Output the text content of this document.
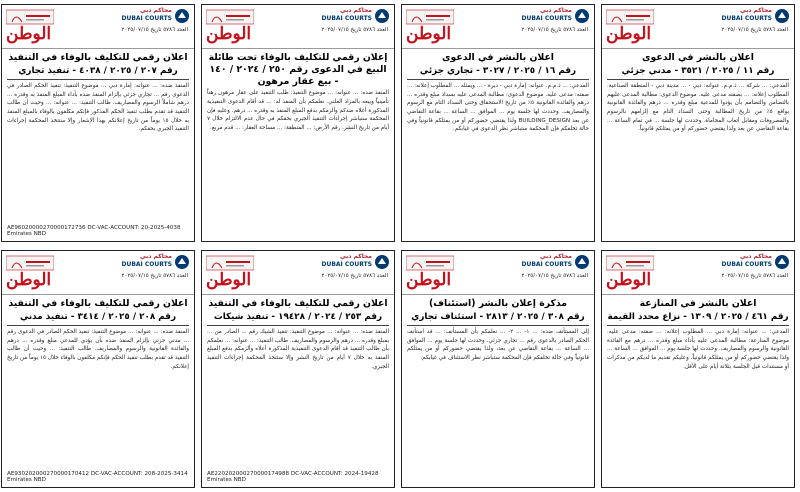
محاكم دبي
DUBAI COURTS
الوطن	العدد ٥٧٨٦ تاريخ ٢٠٢٥/٠٧/١٥
اعلان بالنشر في الدعوى
رقم ١١ / ٢٠٢٥ / ٣٥٢١ - مدني جزئي
المدعي: ... شركة ... ذ.م.م. عنوانه: دبي - ... مدينة دبي - المنطقة الصناعية. المطلوب إعلانه: ... بصفته مدعى عليه. موضوع الدعوى: مطالبة المدعى عليهم بالتضامن والتضامم بأن يؤدوا للمدعية مبلغ وقدره ... درهم والفائدة القانونية بواقع ٥٪ من تاريخ المطالبة وحتى السداد التام مع إلزامهم بالرسوم والمصروفات ومقابل أتعاب المحاماة. وحددت لها جلسة ... في تمام الساعة ... بقاعة التقاضي عن بعد ولذا يقتضي حضوركم أو من يمثلكم قانونياً.
محاكم دبي
DUBAI COURTS
الوطن	العدد ٥٧٨٦ تاريخ ٢٠٢٥/٠٧/١٥
اعلان بالنشر في الدعوى
رقم ١٦ / ٢٠٢٥ / ٣٠٢٧ - تجاري جزئي
المدعي: ... ذ.م.م. عنوانه: إمارة دبي - ديرة - ... ويمثله ... المطلوب إعلانه: ... صفته: مدعى عليه. موضوع الدعوى: مطالبة المدعى عليه بسداد مبلغ وقدره ... درهم والفائدة القانونية ٥٪ من تاريخ الاستحقاق وحتى السداد التام مع الرسوم والمصاريف. وحددت لها جلسة يوم ... الموافق ... الساعة ... بقاعة التقاضي عن بعد BUILDING_DESIGN ولذا يقتضي حضوركم أو من يمثلكم قانونياً وفي حالة تخلفكم فإن المحكمة ستباشر نظر الدعوى في غيابكم.
محاكم دبي
DUBAI COURTS
الوطن	العدد ٥٧٨٦ تاريخ ٢٠٢٥/٠٧/١٥
إعلان رقمي للتكليف بالوفاء تحت طائلة البيع في الدعوى رقم ٢٥٠ / ٢٠٢٤ / ١٤٠ - بيع عقار مرهون
المنفذ ضده: ... عنوانه: ... موضوع التنفيذ: طلب التنفيذ على عقار مرهون رهناً تأمينياً وبيعه بالمزاد العلني. نعلمكم بأن المنفذ له: ... قد أقام الدعوى التنفيذية المذكورة أعلاه ضدكم وألزمكم بدفع المبلغ المنفذ به وقدره ... درهم. وعليه فإن المحكمة ستباشر إجراءات التنفيذ الجبري بحقكم في حال عدم الالتزام خلال ٧ أيام من تاريخ النشر. رقم الأرض: ... المنطقة: ... مساحة العقار: ... قدم مربع.
محاكم دبي
DUBAI COURTS
الوطن	العدد ٥٧٨٦ تاريخ ٢٠٢٥/٠٧/١٥
اعلان رقمي للتكليف بالوفاء في التنفيذ
رقم ٢٠٧ / ٢٠٢٥ / ٤٠٣٨ - تنفيذ تجاري
المنفذ ضده: ... عنوانه: إمارة دبي ... موضوع التنفيذ: تنفيذ الحكم الصادر في الدعوى رقم ... تجاري جزئي بإلزام المنفذ ضده بأداء المبلغ المنفذ به وقدره ... درهم شاملاً الرسوم والمصاريف. طالب التنفيذ: ... عنوانه: ... وحيث أن طالب التنفيذ قد تقدم بطلب تنفيذ الحكم المذكور فإنكم مكلفون بالوفاء بالمبلغ المنفذ به خلال ١٥ يوماً من تاريخ إعلانكم بهذا الإشعار وإلا ستتخذ المحكمة إجراءات التنفيذ الجبري بحقكم.
AE96020000270000172736 DC-VAC-ACCOUNT: 20-2025-4038 Emirates NBD
محاكم دبي
DUBAI COURTS
الوطن	العدد ٥٧٨٦ تاريخ ٢٠٢٥/٠٧/١٥
اعلان بالنشر في المنازعة
رقم ٤٦١ / ٢٠٢٥ / ١٣٠٩ - نزاع محدد القيمة
المدعي: ... عنوانه: إمارة دبي ... المطلوب إعلانه: ... صفته: مدعى عليه. موضوع المنازعة: مطالبة المدعى عليه بأداء مبلغ وقدره ... درهم مع الفائدة القانونية والرسوم والمصاريف. وحددت لها جلسة يوم ... الموافق ... الساعة ... ولذا يقتضي حضوركم أو من يمثلكم قانونياً، وعليكم تقديم ما لديكم من مذكرات أو مستندات قبل الجلسة بثلاثة أيام على الأقل.
محاكم دبي
DUBAI COURTS
الوطن	العدد ٥٧٨٦ تاريخ ٢٠٢٥/٠٧/١٥
مذكرة إعلان بالنشر (استئناف)
رقم ٣٠٨ / ٢٠٢٥ / ٢٨١٣ - استئناف تجاري
إلى المستأنف ضده: ... ١- ... ٢- ... نعلمكم بأن المستأنف: ... قد استأنف الحكم الصادر بالدعوى رقم ... تجاري جزئي. وحددت لها جلسة يوم ... الموافق ... الساعة ... بقاعة التقاضي عن بعد، ولذا يقتضي حضوركم أو من يمثلكم قانونياً وفي حالة تخلفكم فإن المحكمة ستباشر نظر الاستئناف في غيابكم.
محاكم دبي
DUBAI COURTS
الوطن	العدد ٥٧٨٦ تاريخ ٢٠٢٥/٠٧/١٥
اعلان رقمي للتكليف بالوفاء في التنفيذ
رقم ٢٥٣ / ٢٠٢٤ / ١٩٤٢٨ - تنفيذ شيكات
المنفذ ضده: ... عنوانه: ... موضوع التنفيذ: تنفيذ الشيك رقم ... الصادر من ... بمبلغ وقدره ... درهم والرسوم والمصاريف. طالب التنفيذ: ... عنوانه: ... نعلمكم بأن طالب التنفيذ قد أقام الدعوى التنفيذية المذكورة أعلاه وألزمكم بدفع المبلغ المنفذ به خلال ٧ أيام من تاريخ النشر وإلا ستتخذ المحكمة إجراءات التنفيذ الجبري.
AE220202000270000174988 DC-VAC-ACCOUNT: 2024-19428 Emirates NBD
محاكم دبي
DUBAI COURTS
الوطن	العدد ٥٧٨٦ تاريخ ٢٠٢٥/٠٧/١٥
اعلان رقمي للتكليف بالوفاء في التنفيذ
رقم ٢٠٨ / ٢٠٢٥ / ٣٤١٤ - تنفيذ مدني
المنفذ ضده: ... عنوانه: ... موضوع التنفيذ: تنفيذ الحكم الصادر في الدعوى رقم ... مدني جزئي بإلزام المنفذ ضده بأن يؤدي للمدعي مبلغ وقدره ... درهم والفائدة القانونية والرسوم والمصاريف. طالب التنفيذ: ... وحيث أن طالب التنفيذ قد تقدم بطلب تنفيذ الحكم فإنكم مكلفون بالوفاء خلال ١٥ يوماً من تاريخ إعلانكم.
AE930202000270000170412 DC-VAC-ACCOUNT: 208-2025-3414 Emirates NBD
